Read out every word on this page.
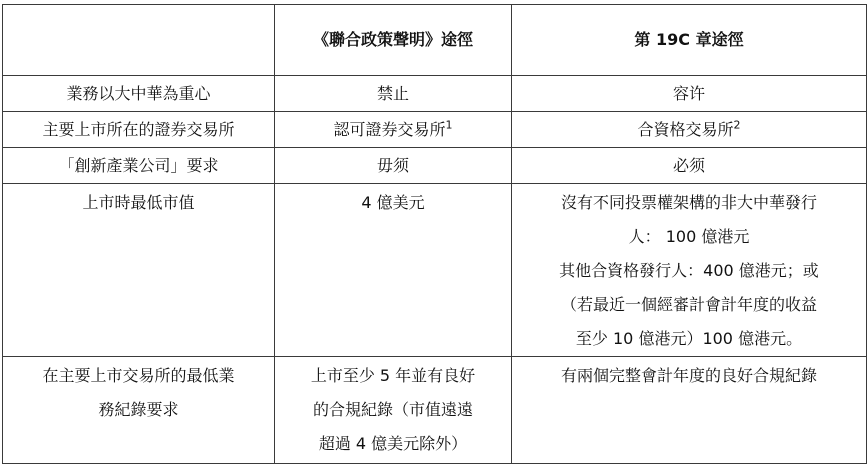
	《聯合政策聲明》途徑	第 19C 章途徑
業務以大中華為重心	禁止	容许
主要上市所在的證券交易所	認可證券交易所$^1$	合資格交易所$^2$
「創新產業公司」要求	毋须	必须
上市時最低市值	4 億美元	沒有不同投票權架構的非大中華發行
人： 100 億港元
其他合資格發行人：400 億港元；或
（若最近一個經審計會計年度的收益
至少 10 億港元）100 億港元。

在主要上市交易所的最低業
務紀錄要求	上市至少 5 年並有良好
的合規紀錄（市值遠遠
超過 4 億美元除外）	有兩個完整會計年度的良好合規紀錄
